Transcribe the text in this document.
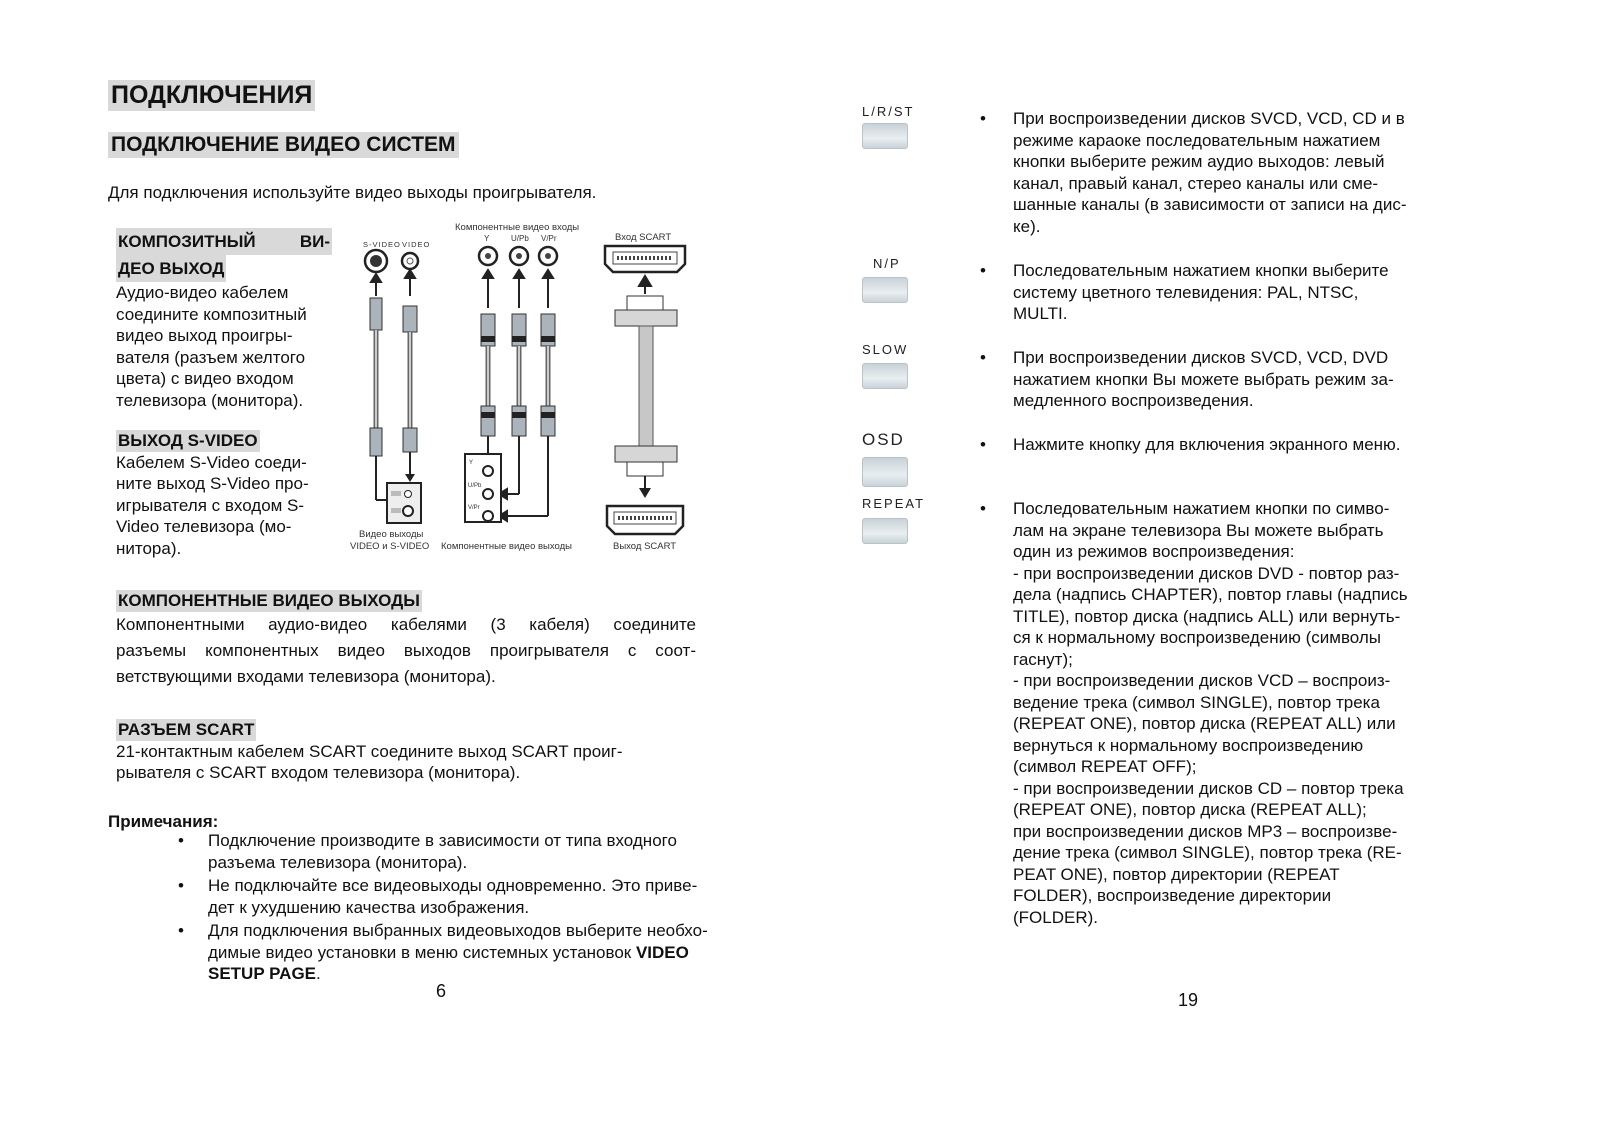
ПОДКЛЮЧЕНИЯ
ПОДКЛЮЧЕНИЕ ВИДЕО СИСТЕМ
Для подключения используйте видео выходы проигрывателя.
КОМПОЗИТНЫЙ ВИ-
ДЕО ВЫХОД
Аудио-видео кабелем
соедините композитный
видео выход проигры-
вателя (разъем желтого
цвета) с видео входом
телевизора (монитора).
ВЫХОД S-VIDEO
Кабелем S-Video соеди-
ните выход S-Video про-
игрывателя с входом S-
Video телевизора (мо-
нитора).
S-VIDEO VIDEO
Компонентные видео входы
Y	U/Pb V/Pr	Вход SCART
Y
U/Pb
V/Pr
Видео выходы
VIDEO и S-VIDEO Компонентные видео выходы	Выход SCART
КОМПОНЕНТНЫЕ ВИДЕО ВЫХОДЫ
Компонентными аудио-видео кабелями (3 кабеля) соедините
разъемы компонентных видео выходов проигрывателя с соот-
ветствующими входами телевизора (монитора).
РАЗЪЕМ SCART
21-контактным кабелем SCART соедините выход SCART проиг-
рывателя с SCART входом телевизора (монитора).
Примечания:
• Подключение производите в зависимости от типа входного
разъема телевизора (монитора).
• Не подключайте все видеовыходы одновременно. Это приве-
дет к ухудшению качества изображения.
• Для подключения выбранных видеовыходов выберите необхо-
димые видео установки в меню системных установок VIDEO
SETUP PAGE.
6
L/R/ST	• При воспроизведении дисков SVCD, VCD, CD и в
режиме караоке последовательным нажатием
кнопки выберите режим аудио выходов: левый
канал, правый канал, стерео каналы или сме-
шанные каналы (в зависимости от записи на дис-
ке).
N/P	• Последовательным нажатием кнопки выберите
систему цветного телевидения: PAL, NTSC,
MULTI.
SLOW	• При воспроизведении дисков SVCD, VCD, DVD
нажатием кнопки Вы можете выбрать режим за-
медленного воспроизведения.
OSD	• Нажмите кнопку для включения экранного меню.
REPEAT	• Последовательным нажатием кнопки по симво-
лам на экране телевизора Вы можете выбрать
один из режимов воспроизведения:
- при воспроизведении дисков DVD - повтор раз-
дела (надпись CHAPTER), повтор главы (надпись
TITLE), повтор диска (надпись ALL) или вернуть-
ся к нормальному воспроизведению (символы
гаснут);
- при воспроизведении дисков VCD – воспроиз-
ведение трека (символ SINGLE), повтор трека
(REPEAT ONE), повтор диска (REPEAT ALL) или
вернуться к нормальному воспроизведению
(символ REPEAT OFF);
- при воспроизведении дисков CD – повтор трека
(REPEAT ONE), повтор диска (REPEAT ALL);
при воспроизведении дисков MP3 – воспроизве-
дение трека (символ SINGLE), повтор трека (RE-
PEAT ONE), повтор директории (REPEAT
FOLDER), воспроизведение директории
(FOLDER).
19
